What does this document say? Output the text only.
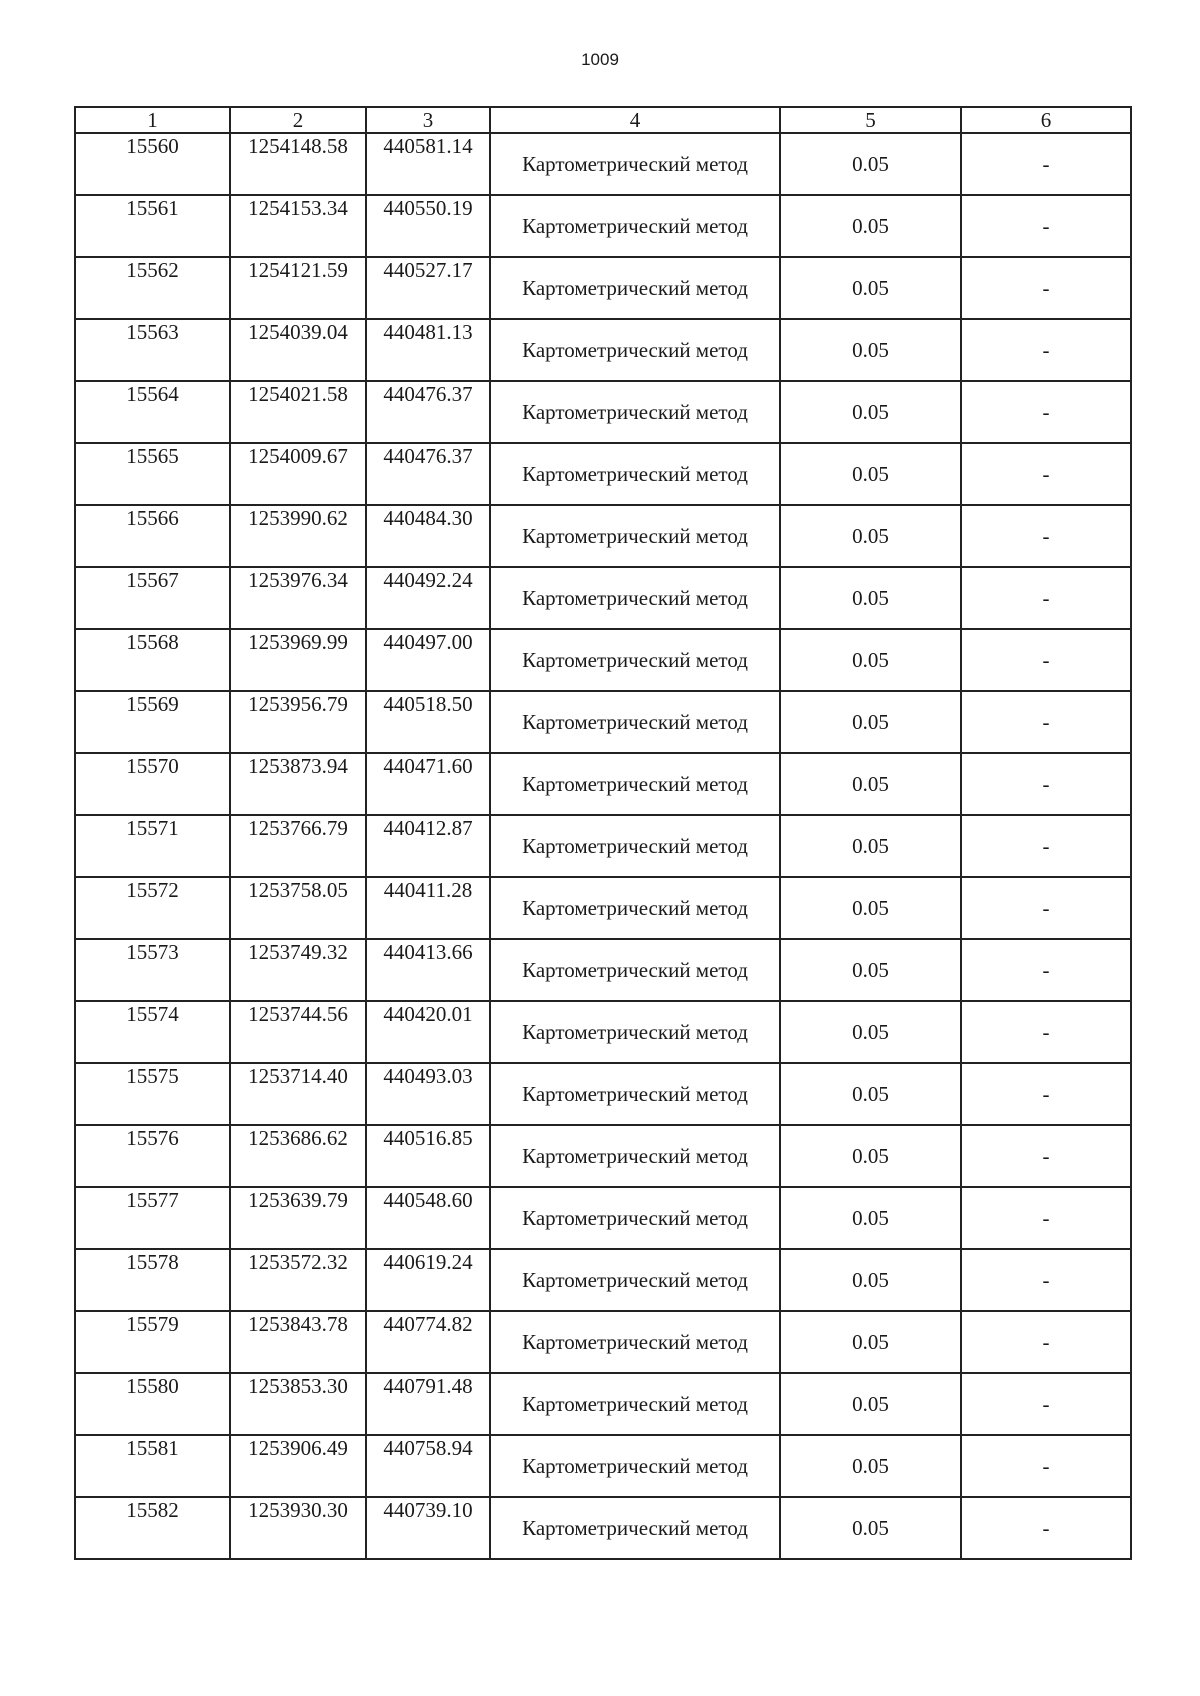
1009
1	2	3	4	5	6
15560	1254148.58	440581.14	Картометрический метод	0.05	-
15561	1254153.34	440550.19	Картометрический метод	0.05	-
15562	1254121.59	440527.17	Картометрический метод	0.05	-
15563	1254039.04	440481.13	Картометрический метод	0.05	-
15564	1254021.58	440476.37	Картометрический метод	0.05	-
15565	1254009.67	440476.37	Картометрический метод	0.05	-
15566	1253990.62	440484.30	Картометрический метод	0.05	-
15567	1253976.34	440492.24	Картометрический метод	0.05	-
15568	1253969.99	440497.00	Картометрический метод	0.05	-
15569	1253956.79	440518.50	Картометрический метод	0.05	-
15570	1253873.94	440471.60	Картометрический метод	0.05	-
15571	1253766.79	440412.87	Картометрический метод	0.05	-
15572	1253758.05	440411.28	Картометрический метод	0.05	-
15573	1253749.32	440413.66	Картометрический метод	0.05	-
15574	1253744.56	440420.01	Картометрический метод	0.05	-
15575	1253714.40	440493.03	Картометрический метод	0.05	-
15576	1253686.62	440516.85	Картометрический метод	0.05	-
15577	1253639.79	440548.60	Картометрический метод	0.05	-
15578	1253572.32	440619.24	Картометрический метод	0.05	-
15579	1253843.78	440774.82	Картометрический метод	0.05	-
15580	1253853.30	440791.48	Картометрический метод	0.05	-
15581	1253906.49	440758.94	Картометрический метод	0.05	-
15582	1253930.30	440739.10	Картометрический метод	0.05	-
